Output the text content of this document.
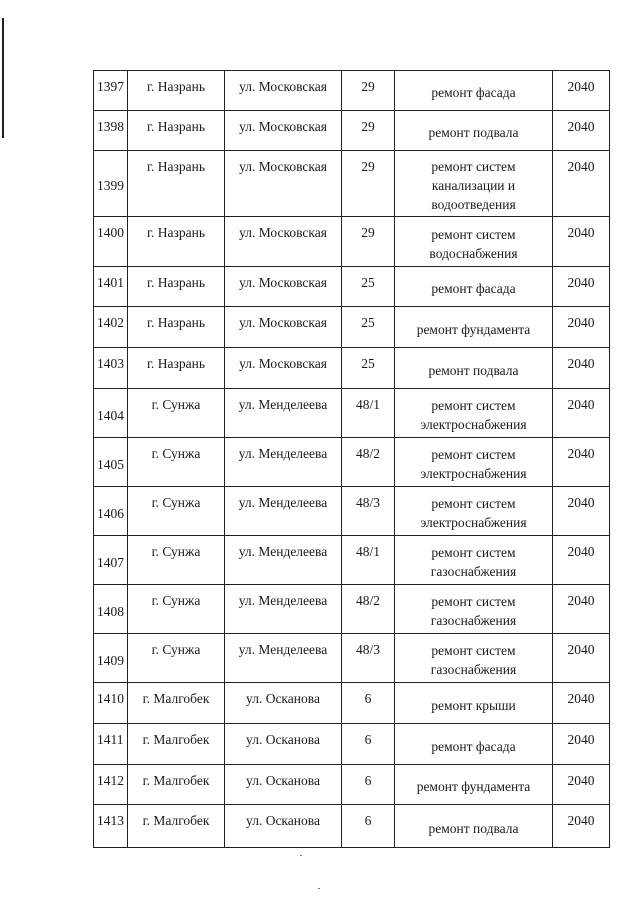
1397	г. Назрань	ул. Московская	29	ремонт фасада	2040
1398	г. Назрань	ул. Московская	29	ремонт подвала	2040
1399	г. Назрань	ул. Московская	29	ремонт систем канализации и водоотведения	2040
1400	г. Назрань	ул. Московская	29	ремонт систем водоснабжения	2040
1401	г. Назрань	ул. Московская	25	ремонт фасада	2040
1402	г. Назрань	ул. Московская	25	ремонт фундамента	2040
1403	г. Назрань	ул. Московская	25	ремонт подвала	2040
1404	г. Сунжа	ул. Менделеева	48/1	ремонт систем электроснабжения	2040
1405	г. Сунжа	ул. Менделеева	48/2	ремонт систем электроснабжения	2040
1406	г. Сунжа	ул. Менделеева	48/3	ремонт систем электроснабжения	2040
1407	г. Сунжа	ул. Менделеева	48/1	ремонт систем газоснабжения	2040
1408	г. Сунжа	ул. Менделеева	48/2	ремонт систем газоснабжения	2040
1409	г. Сунжа	ул. Менделеева	48/3	ремонт систем газоснабжения	2040
1410	г. Малгобек	ул. Осканова	6	ремонт крыши	2040
1411	г. Малгобек	ул. Осканова	6	ремонт фасада	2040
1412	г. Малгобек	ул. Осканова	6	ремонт фундамента	2040
1413	г. Малгобек	ул. Осканова	6	ремонт подвала	2040
